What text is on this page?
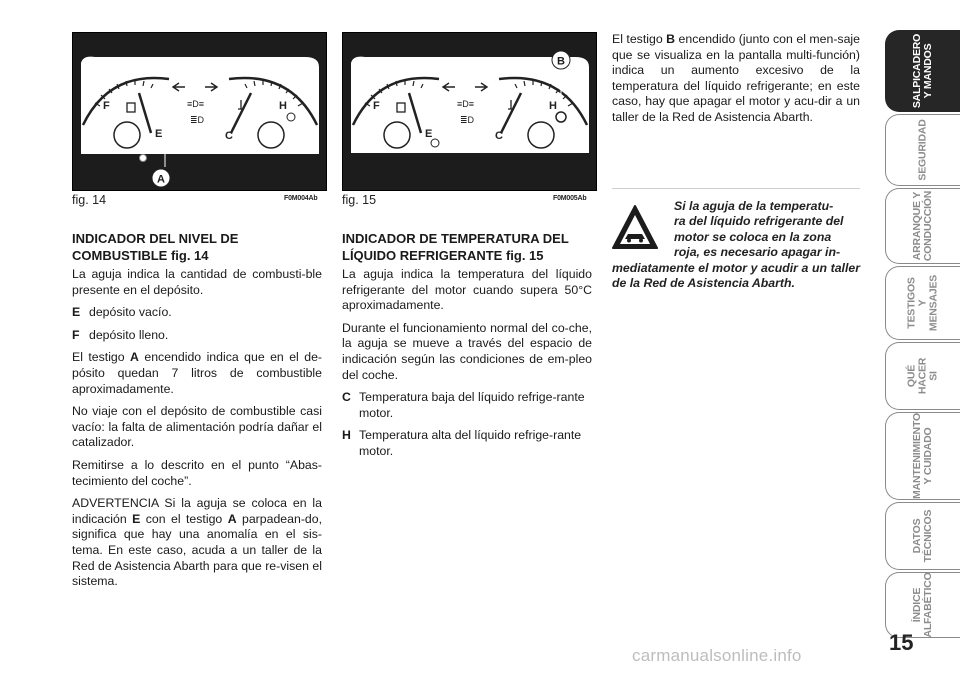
F
E	C
H
≡D≡
≣D
A
fig. 14	F0M004Ab
F
E	C
H
≡D≡
≣D
B
fig. 15	F0M005Ab
INDICADOR DEL NIVEL DE COMBUSTIBLE fig. 14

La aguja indica la cantidad de combusti-ble presente en el depósito.

E depósito vacío.
F depósito lleno.

El testigo A encendido indica que en el de-pósito quedan 7 litros de combustible aproximadamente.

No viaje con el depósito de combustible casi vacío: la falta de alimentación podría dañar el catalizador.

Remitirse a lo descrito en el punto “Abas-tecimiento del coche”.

ADVERTENCIA Si la aguja se coloca en la indicación E con el testigo A parpadean-do, significa que hay una anomalía en el sis-tema. En este caso, acuda a un taller de la Red de Asistencia Abarth para que re-visen el sistema.

INDICADOR DE TEMPERATURA DEL LÍQUIDO REFRIGERANTE fig. 15

La aguja indica la temperatura del líquido refrigerante del motor cuando supera 50°C aproximadamente.

Durante el funcionamiento normal del co-che, la aguja se mueve a través del espacio de indicación según las condiciones de em-pleo del coche.

C Temperatura baja del líquido refrige-rante motor.
H Temperatura alta del líquido refrige-rante motor.

El testigo B encendido (junto con el men-saje que se visualiza en la pantalla multi-función) indica un aumento excesivo de la temperatura del líquido refrigerante; en este caso, hay que apagar el motor y acu-dir a un taller de la Red de Asistencia Abarth.

Si la aguja de la temperatu-
ra del líquido refrigerante del
motor se coloca en la zona
roja, es necesario apagar in-
mediatamente el motor y acudir a un taller de la Red de Asistencia Abarth.
SALPICADERO
Y MANDOS
SEGURIDAD
ARRANQUE Y
CONDUCCIÓN
TESTIGOS Y
MENSAJES
QUÉ HACER SI
MANTENIMIENTO
Y CUIDADO
DATOS
TÉCNICOS
ÍNDICE
ALFABÉTICO
15
carmanualsonline.info
